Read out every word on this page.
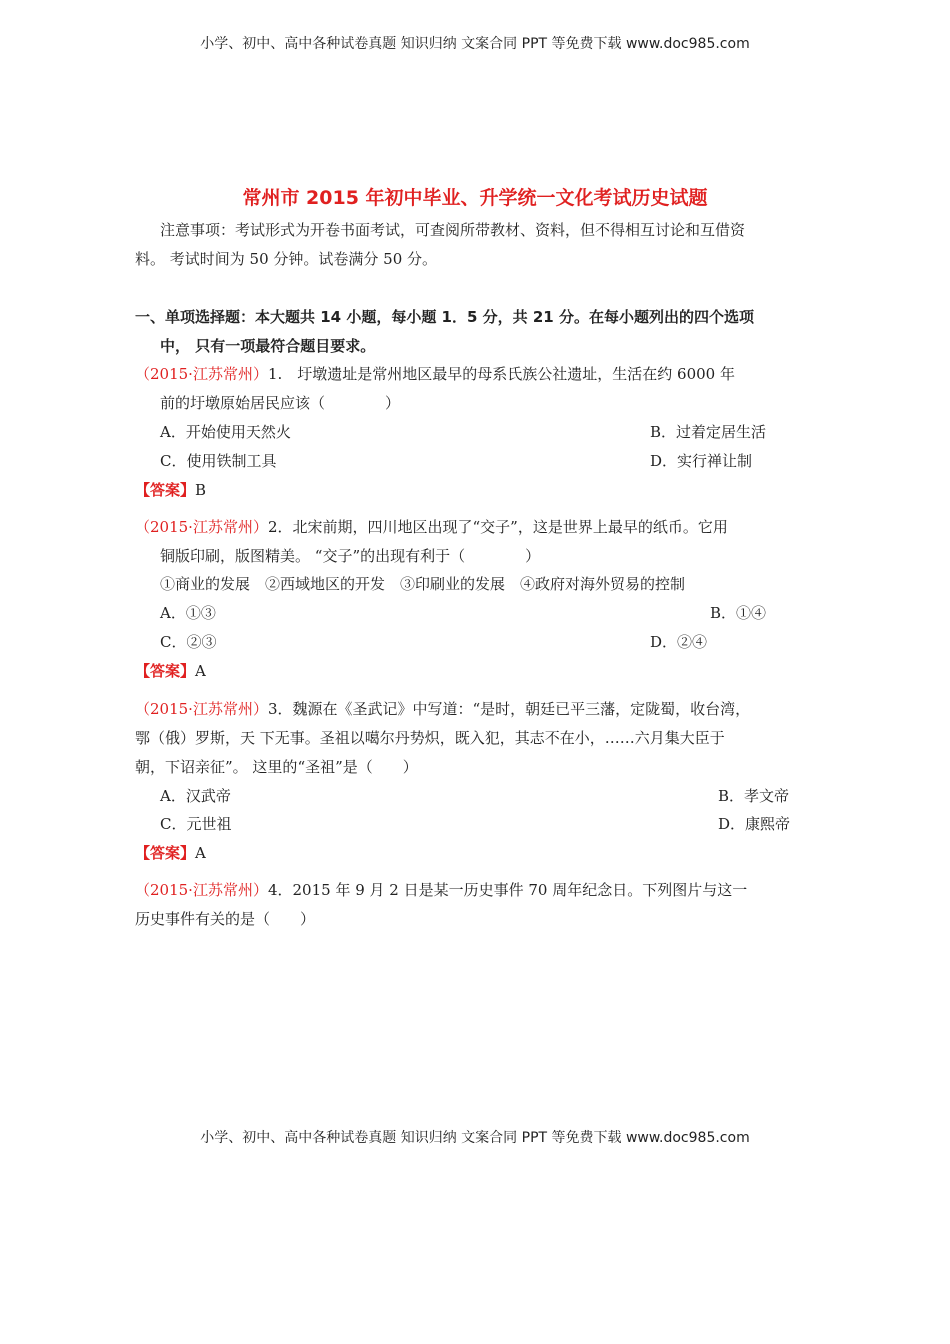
小学、初中、高中各种试卷真题 知识归纳 文案合同 PPT 等免费下载 www.doc985.com
常州市 2015 年初中毕业、升学统一文化考试历史试题
注意事项：考试形式为开卷书面考试，可查阅所带教材、资料，但不得相互讨论和互借资
料。 考试时间为 50 分钟。试卷满分 50 分。
一、单项选择题：本大题共 14 小题，每小题 1．5 分，共 21 分。在每小题列出的四个选项
中， 只有一项最符合题目要求。
（2015·江苏常州）1.　圩墩遗址是常州地区最早的母系氏族公社遗址，生活在约 6000 年
前的圩墩原始居民应该（　　　　）
A．开始使用天然火	B．过着定居生活
C．使用铁制工具	D．实行禅让制
【答案】B
（2015·江苏常州）2．北宋前期，四川地区出现了“交子”，这是世界上最早的纸币。它用
铜版印刷，版图精美。 “交子”的出现有利于（　　　　）
①商业的发展　②西域地区的开发　③印刷业的发展　④政府对海外贸易的控制
A．①③	B．①④
C．②③	D．②④
【答案】A
（2015·江苏常州）3．魏源在《圣武记》中写道：“是时，朝廷已平三藩，定陇蜀，收台湾，
鄂（俄）罗斯，天 下无事。圣祖以噶尔丹势炽，既入犯，其志不在小，……六月集大臣于
朝，下诏亲征”。 这里的“圣祖”是（　　）
A．汉武帝	B．孝文帝
C．元世祖	D．康熙帝
【答案】A
（2015·江苏常州）4．2015 年 9 月 2 日是某一历史事件 70 周年纪念日。下列图片与这一
历史事件有关的是（　　）
小学、初中、高中各种试卷真题 知识归纳 文案合同 PPT 等免费下载 www.doc985.com
